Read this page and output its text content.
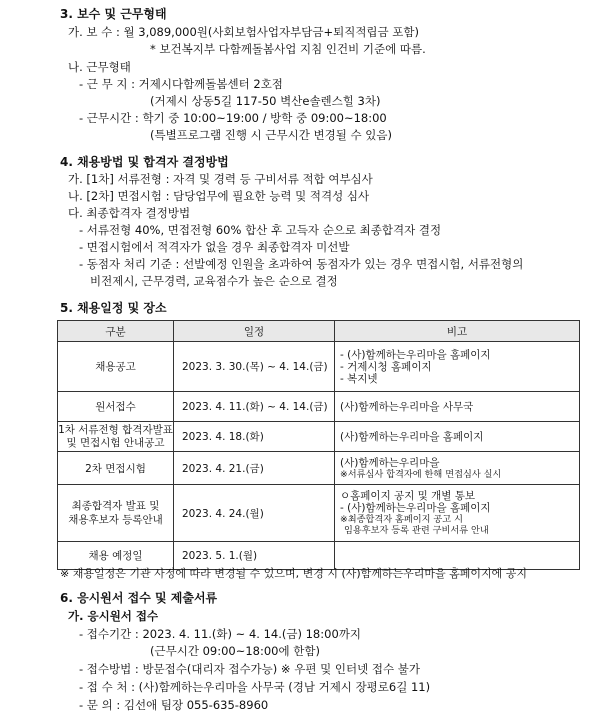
3. 보수 및 근무형태
가. 보 수 : 월 3,089,000원(사회보험사업자부담금+퇴직적립금 포함)
* 보건복지부 다함께돌봄사업 지침 인건비 기준에 따름.
나. 근무형태
- 근 무 지 : 거제시다함께돌봄센터 2호점
(거제시 상동5길 117-50 벽산e솔렌스힐 3차)
- 근무시간 : 학기 중 10:00~19:00 / 방학 중 09:00~18:00
(특별프로그램 진행 시 근무시간 변경될 수 있음)
4. 채용방법 및 합격자 결정방법
가. [1차] 서류전형 : 자격 및 경력 등 구비서류 적합 여부심사
나. [2차] 면접시험 : 담당업무에 필요한 능력 및 적격성 심사
다. 최종합격자 결정방법
- 서류전형 40%, 면접전형 60% 합산 후 고득자 순으로 최종합격자 결정
- 면접시험에서 적격자가 없을 경우 최종합격자 미선발
- 동점자 처리 기준 : 선발예정 인원을 초과하여 동점자가 있는 경우 면접시험, 서류전형의
비전제시, 근무경력, 교육점수가 높은 순으로 결정
5. 채용일정 및 장소
구분	일정	비고
채용공고	2023. 3. 30.(목) ~ 4. 14.(금)	- (사)함께하는우리마을 홈페이지
- 거제시청 홈페이지
- 복지넷

원서접수	2023. 4. 11.(화) ~ 4. 14.(금)	(사)함께하는우리마을 사무국

1차 서류전형 합격자발표
및 면접시험 안내공고	2023. 4. 18.(화)	(사)함께하는우리마을 홈페이지

2차 면접시험	2023. 4. 21.(금)	(사)함께하는우리마을
※서류심사 합격자에 한해 면접심사 실시

최종합격자 발표 및
채용후보자 등록안내	2023. 4. 24.(월)	ㅇ홈페이지 공지 및 개별 통보
- (사)함께하는우리마을 홈페이지
※최종합격자 홈페이지 공고 시
임용후보자 등록 관련 구비서류 안내

채용 예정일	2023. 5. 1.(월)	
※ 채용일정은 기관 사정에 따라 변경될 수 있으며, 변경 시 (사)함께하는우리마을 홈페이지에 공지
6. 응시원서 접수 및 제출서류
가. 응시원서 접수
- 접수기간 : 2023. 4. 11.(화) ~ 4. 14.(금) 18:00까지
(근무시간 09:00~18:00에 한함)
- 접수방법 : 방문접수(대리자 접수가능) ※ 우편 및 인터넷 접수 불가
- 접 수 처 : (사)함께하는우리마을 사무국 (경남 거제시 장평로6길 11)
- 문 의 : 김선애 팀장 055-635-8960
